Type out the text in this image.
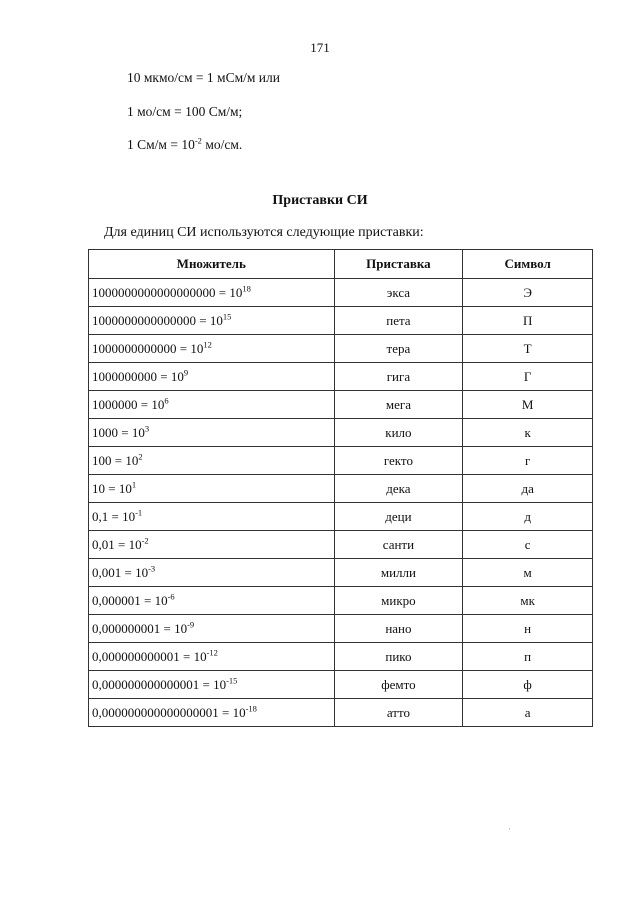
171
10 мкмо/см = 1 мСм/м или
1 мо/см = 100 См/м;
1 $См/м = 10^{-2}$ мо/см.
Приставки СИ
Для единиц СИ используются следующие приставки:
Множитель	Приставка	Символ
$1000000000000000000 = 10^{18}$	экса	Э
$1000000000000000 = 10^{15}$	пета	П
$1000000000000 = 10^{12}$	тера	Т
$1000000000 = 10^9$	гига	Г
$1000000 = 10^6$	мега	М
$1000 = 10^3$	кило	к
$100 = 10^2$	гекто	г
$10 = 10^1$	дека	да
$0,1 = 10^{-1}$	деци	д
$0,01 = 10^{-2}$	санти	с
$0,001 = 10^{-3}$	милли	м
$0,000001 = 10^{-6}$	микро	мк
$0,000000001 = 10^{-9}$	нано	н
$0,000000000001 = 10^{-12}$	пико	п
$0,000000000000001 = 10^{-15}$	фемто	ф
$0,000000000000000001 = 10^{-18}$	атто	а
·
